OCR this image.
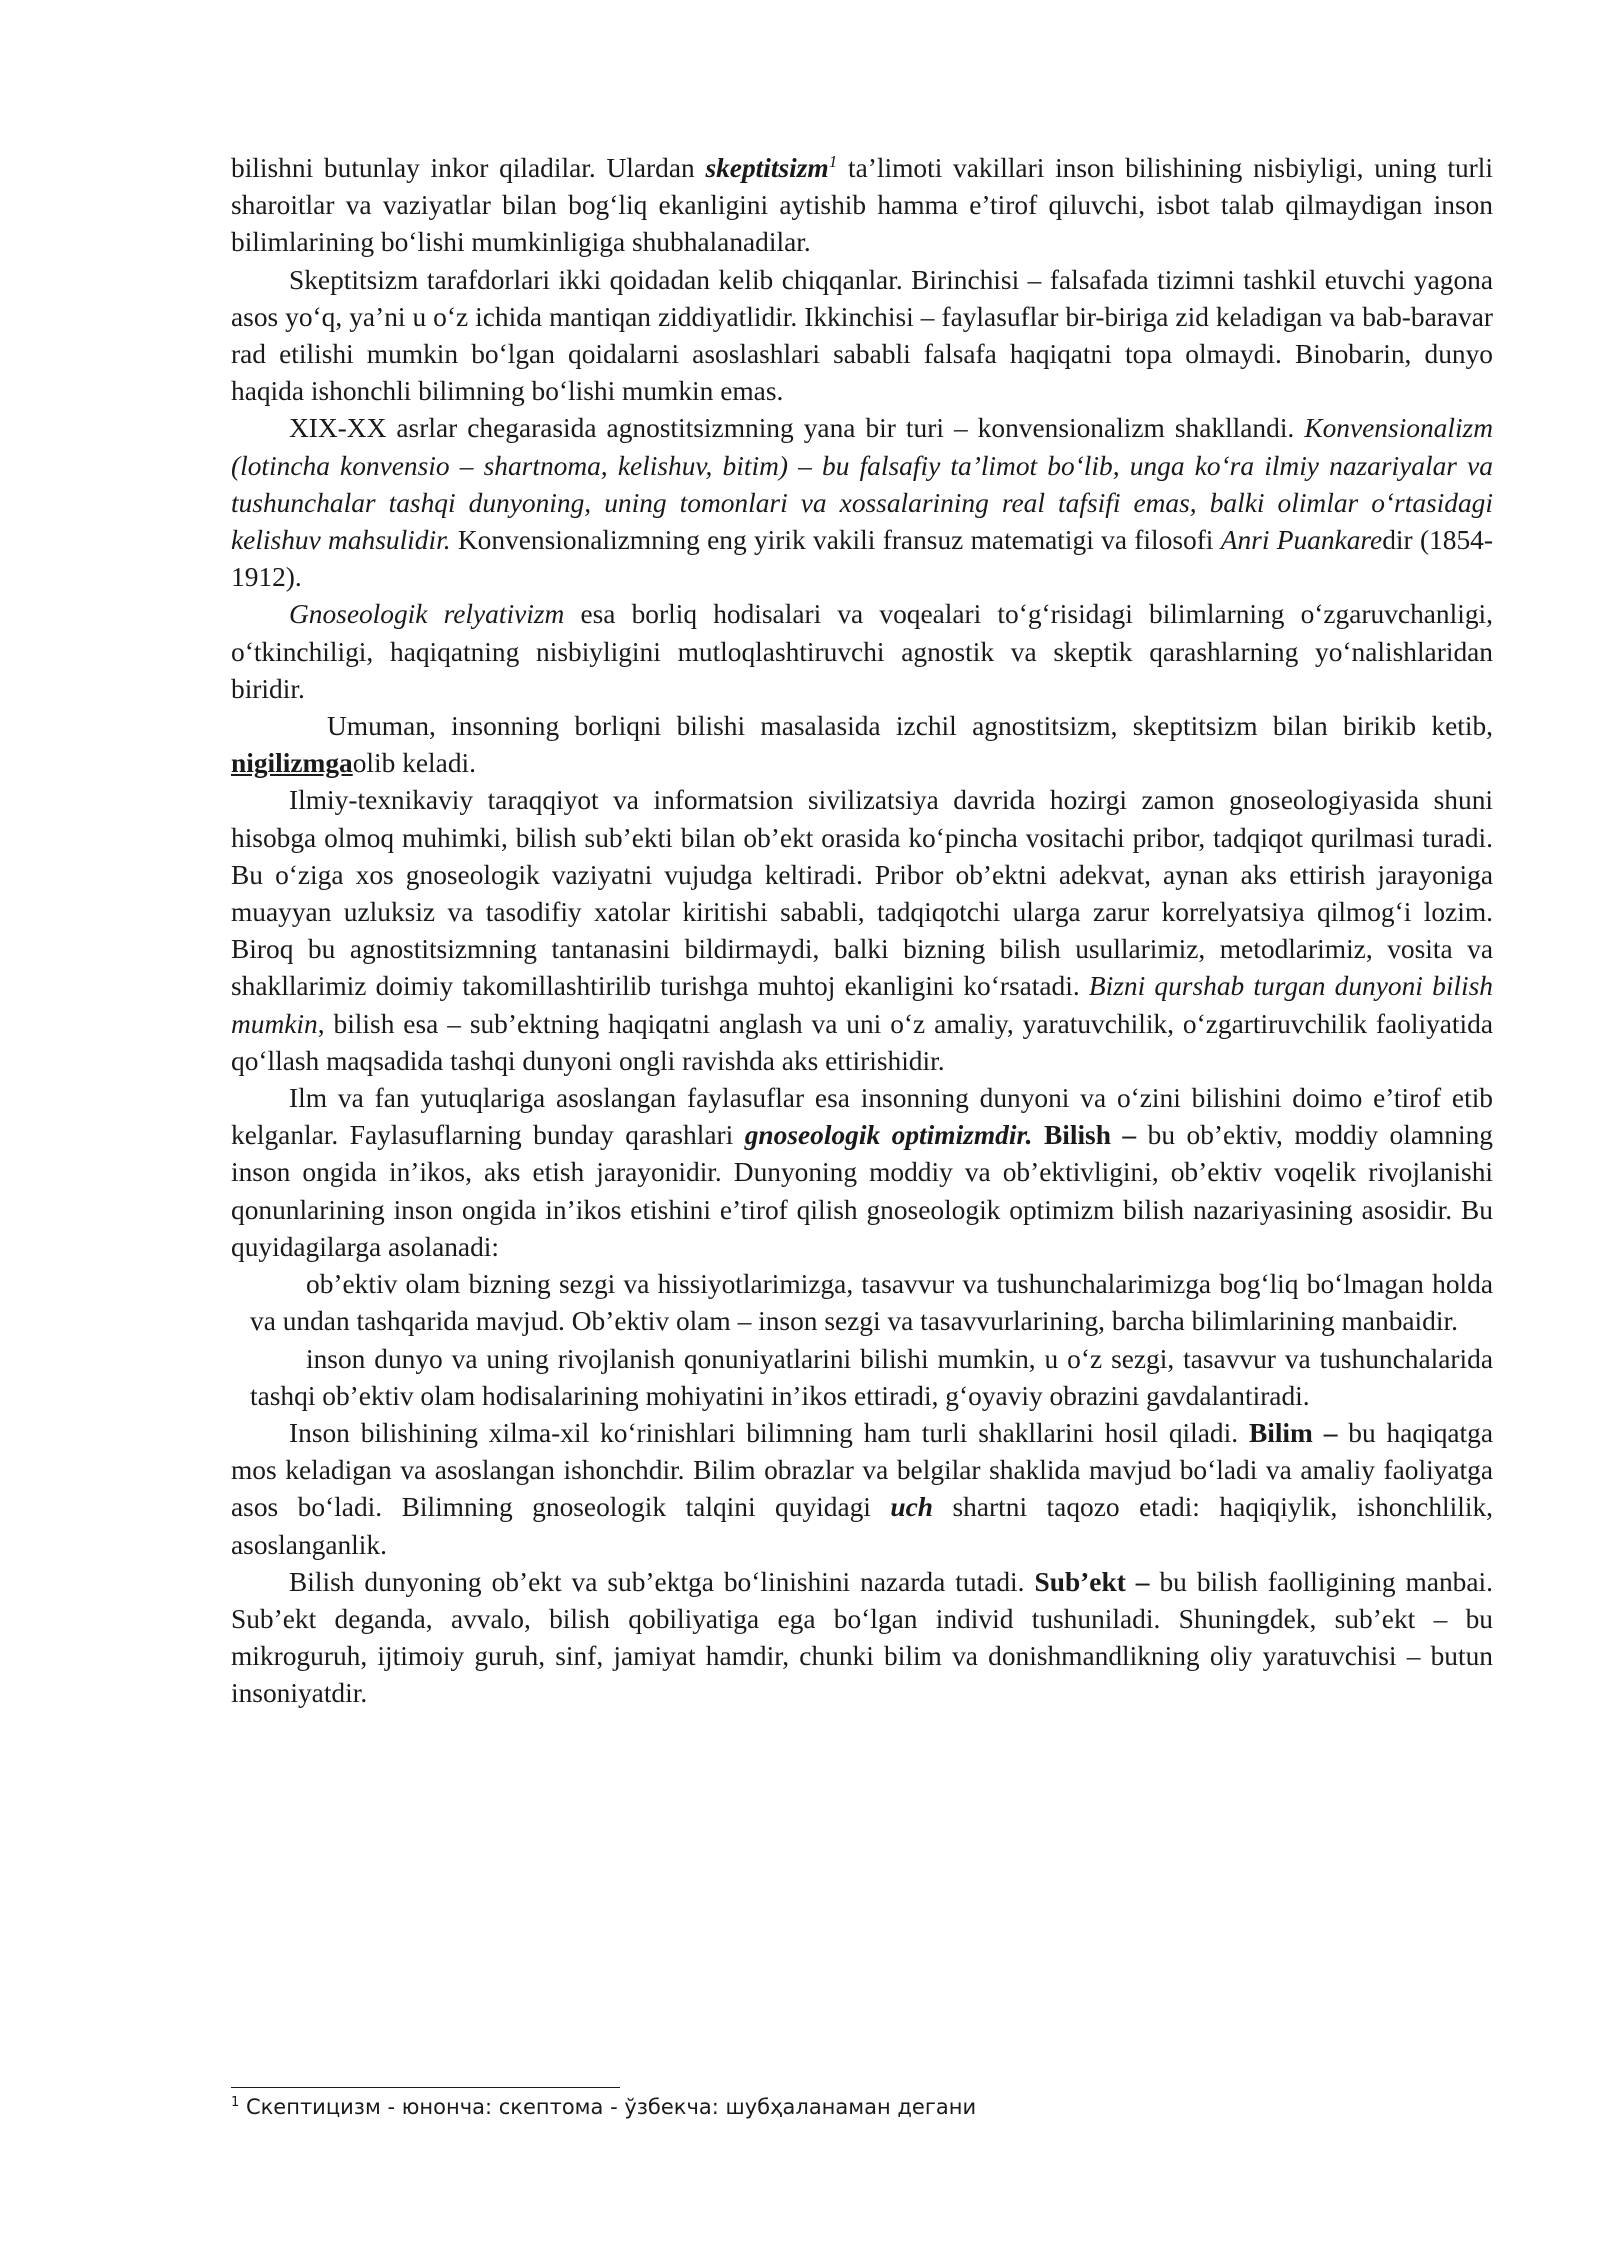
bilishni butunlay inkor qiladilar. Ulardan skeptitsizm$^1$ ta’limoti vakillari inson bilishining nisbiyligi, uning turli sharoitlar va vaziyatlar bilan bog‘liq ekanligini aytishib hamma e’tirof qiluvchi, isbot talab qilmaydigan inson bilimlarining bo‘lishi mumkinligiga shubhalanadilar.

Skeptitsizm tarafdorlari ikki qoidadan kelib chiqqanlar. Birinchisi – falsafada tizimni tashkil etuvchi yagona asos yo‘q, ya’ni u o‘z ichida mantiqan ziddiyatlidir. Ikkinchisi – faylasuflar bir-biriga zid keladigan va bab-baravar rad etilishi mumkin bo‘lgan qoidalarni asoslashlari sababli falsafa haqiqatni topa olmaydi. Binobarin, dunyo haqida ishonchli bilimning bo‘lishi mumkin emas.

XIX-XX asrlar chegarasida agnostitsizmning yana bir turi – konvensionalizm shakllandi. Konvensionalizm (lotincha konvensio – shartnoma, kelishuv, bitim) – bu falsafiy ta’limot bo‘lib, unga ko‘ra ilmiy nazariyalar va tushunchalar tashqi dunyoning, uning tomonlari va xossalarining real tafsifi emas, balki olimlar o‘rtasidagi kelishuv mahsulidir. Konvensionalizmning eng yirik vakili fransuz matematigi va filosofi Anri Puankaredir (1854-1912).

Gnoseologik relyativizm esa borliq hodisalari va voqealari to‘g‘risidagi bilimlarning o‘zgaruvchanligi, o‘tkinchiligi, haqiqatning nisbiyligini mutloqlashtiruvchi agnostik va skeptik qarashlarning yo‘nalishlaridan biridir.

Umuman, insonning borliqni bilishi masalasida izchil agnostitsizm, skeptitsizm bilan birikib ketib, nigilizmgaolib keladi.

Ilmiy-texnikaviy taraqqiyot va informatsion sivilizatsiya davrida hozirgi zamon gnoseologiyasida shuni hisobga olmoq muhimki, bilish sub’ekti bilan ob’ekt orasida ko‘pincha vositachi pribor, tadqiqot qurilmasi turadi. Bu o‘ziga xos gnoseologik vaziyatni vujudga keltiradi. Pribor ob’ektni adekvat, aynan aks ettirish jarayoniga muayyan uzluksiz va tasodifiy xatolar kiritishi sababli, tadqiqotchi ularga zarur korrelyatsiya qilmog‘i lozim. Biroq bu agnostitsizmning tantanasini bildirmaydi, balki bizning bilish usullarimiz, metodlarimiz, vosita va shakllarimiz doimiy takomillashtirilib turishga muhtoj ekanligini ko‘rsatadi. Bizni qurshab turgan dunyoni bilish mumkin, bilish esa – sub’ektning haqiqatni anglash va uni o‘z amaliy, yaratuvchilik, o‘zgartiruvchilik faoliyatida qo‘llash maqsadida tashqi dunyoni ongli ravishda aks ettirishidir.

Ilm va fan yutuqlariga asoslangan faylasuflar esa insonning dunyoni va o‘zini bilishini doimo e’tirof etib kelganlar. Faylasuflarning bunday qarashlari gnoseologik optimizmdir. Bilish – bu ob’ektiv, moddiy olamning inson ongida in’ikos, aks etish jarayonidir. Dunyoning moddiy va ob’ektivligini, ob’ektiv voqelik rivojlanishi qonunlarining inson ongida in’ikos etishini e’tirof qilish gnoseologik optimizm bilish nazariyasining asosidir. Bu quyidagilarga asolanadi:

ob’ektiv olam bizning sezgi va hissiyotlarimizga, tasavvur va tushunchalarimizga bog‘liq bo‘lmagan holda va undan tashqarida mavjud. Ob’ektiv olam – inson sezgi va tasavvurlarining, barcha bilimlarining manbaidir.

inson dunyo va uning rivojlanish qonuniyatlarini bilishi mumkin, u o‘z sezgi, tasavvur va tushunchalarida tashqi ob’ektiv olam hodisalarining mohiyatini in’ikos ettiradi, g‘oyaviy obrazini gavdalantiradi.

Inson bilishining xilma-xil ko‘rinishlari bilimning ham turli shakllarini hosil qiladi. Bilim – bu haqiqatga mos keladigan va asoslangan ishonchdir. Bilim obrazlar va belgilar shaklida mavjud bo‘ladi va amaliy faoliyatga asos bo‘ladi. Bilimning gnoseologik talqini quyidagi uch shartni taqozo etadi: haqiqiylik, ishonchlilik, asoslanganlik.

Bilish dunyoning ob’ekt va sub’ektga bo‘linishini nazarda tutadi. Sub’ekt – bu bilish faolligining manbai. Sub’ekt deganda, avvalo, bilish qobiliyatiga ega bo‘lgan individ tushuniladi. Shuningdek, sub’ekt – bu mikroguruh, ijtimoiy guruh, sinf, jamiyat hamdir, chunki bilim va donishmandlikning oliy yaratuvchisi – butun insoniyatdir.

$^1$ Скептицизм - юнонча: скептома - ўзбекча: шубҳаланаман дегани
